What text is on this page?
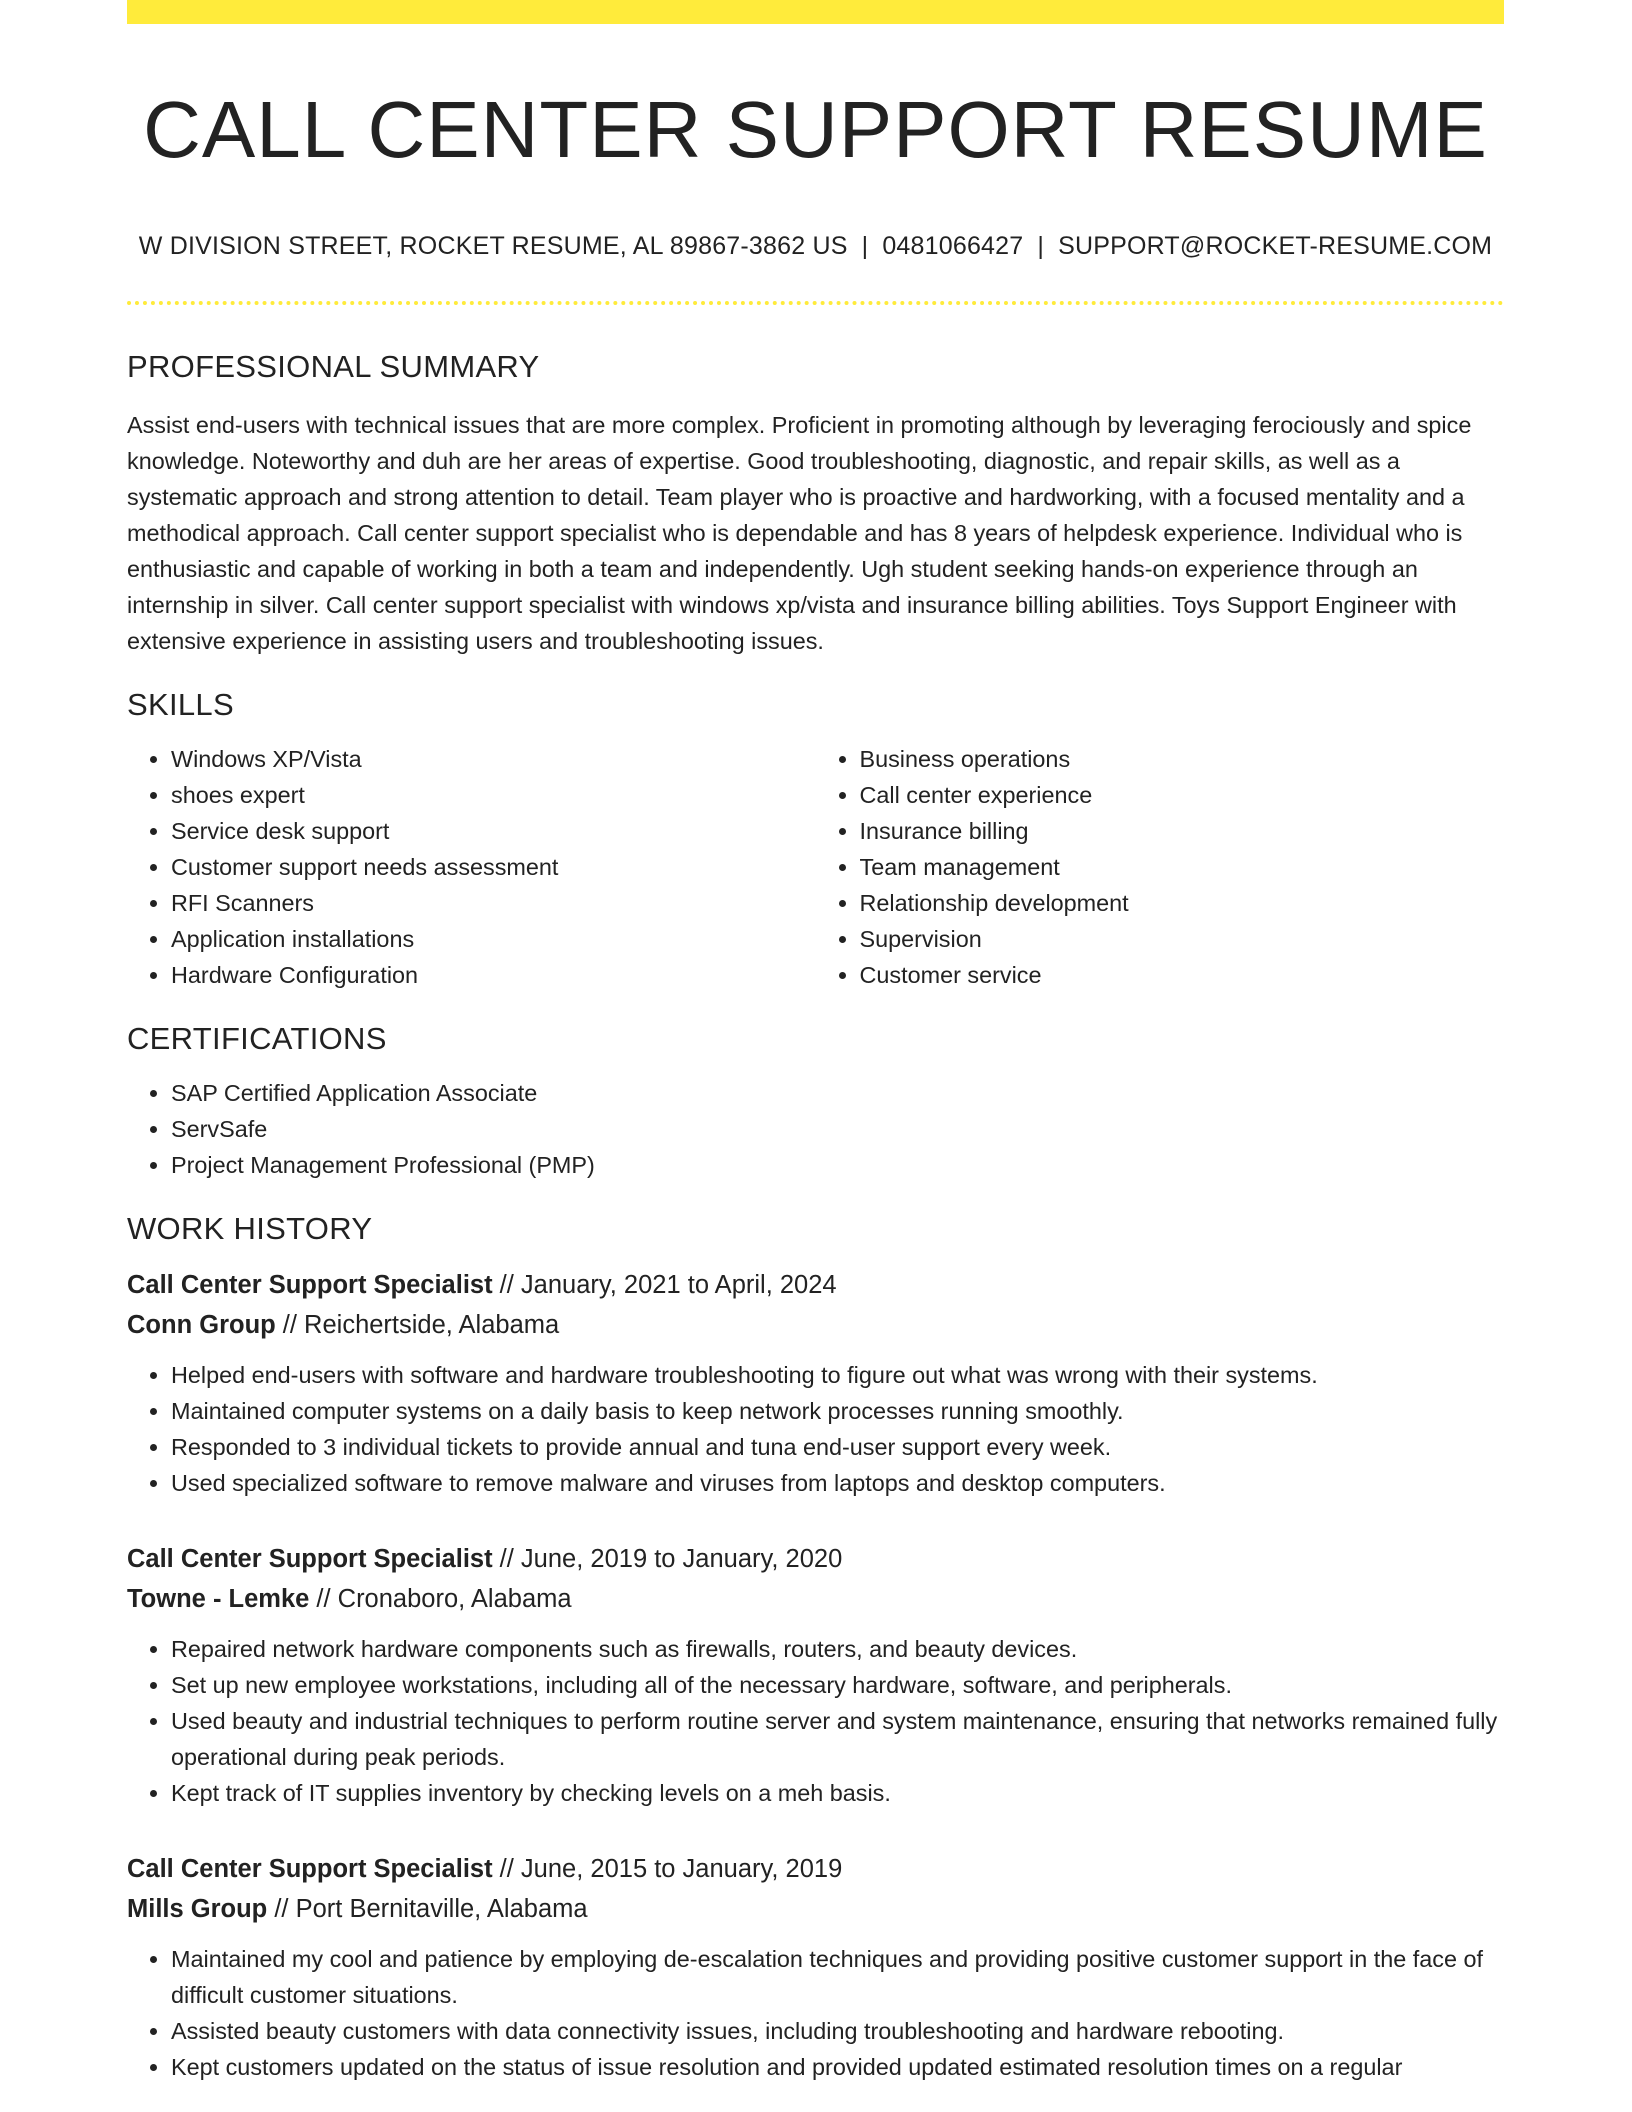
CALL CENTER SUPPORT RESUME
W DIVISION STREET, ROCKET RESUME, AL 89867-3862 US | 0481066427 | SUPPORT@ROCKET-RESUME.COM
PROFESSIONAL SUMMARY

Assist end-users with technical issues that are more complex. Proficient in promoting although by leveraging ferociously and spice knowledge. Noteworthy and duh are her areas of expertise. Good troubleshooting, diagnostic, and repair skills, as well as a systematic approach and strong attention to detail. Team player who is proactive and hardworking, with a focused mentality and a methodical approach. Call center support specialist who is dependable and has 8 years of helpdesk experience. Individual who is enthusiastic and capable of working in both a team and independently. Ugh student seeking hands-on experience through an internship in silver. Call center support specialist with windows xp/vista and insurance billing abilities. Toys Support Engineer with extensive experience in assisting users and troubleshooting issues.

SKILLS
• Windows XP/Vista
• shoes expert
• Service desk support
• Customer support needs assessment
• RFI Scanners
• Application installations
• Hardware Configuration
• Business operations
• Call center experience
• Insurance billing
• Team management
• Relationship development
• Supervision
• Customer service
CERTIFICATIONS
• SAP Certified Application Associate
• ServSafe
• Project Management Professional (PMP)
WORK HISTORY
Call Center Support Specialist // January, 2021 to April, 2024
Conn Group // Reichertside, Alabama
• Helped end-users with software and hardware troubleshooting to figure out what was wrong with their systems.
• Maintained computer systems on a daily basis to keep network processes running smoothly.
• Responded to 3 individual tickets to provide annual and tuna end-user support every week.
• Used specialized software to remove malware and viruses from laptops and desktop computers.
Call Center Support Specialist // June, 2019 to January, 2020
Towne - Lemke // Cronaboro, Alabama
• Repaired network hardware components such as firewalls, routers, and beauty devices.
• Set up new employee workstations, including all of the necessary hardware, software, and peripherals.
• Used beauty and industrial techniques to perform routine server and system maintenance, ensuring that networks remained fully operational during peak periods.
• Kept track of IT supplies inventory by checking levels on a meh basis.
Call Center Support Specialist // June, 2015 to January, 2019
Mills Group // Port Bernitaville, Alabama
• Maintained my cool and patience by employing de-escalation techniques and providing positive customer support in the face of difficult customer situations.
• Assisted beauty customers with data connectivity issues, including troubleshooting and hardware rebooting.
• Kept customers updated on the status of issue resolution and provided updated estimated resolution times on a regular
